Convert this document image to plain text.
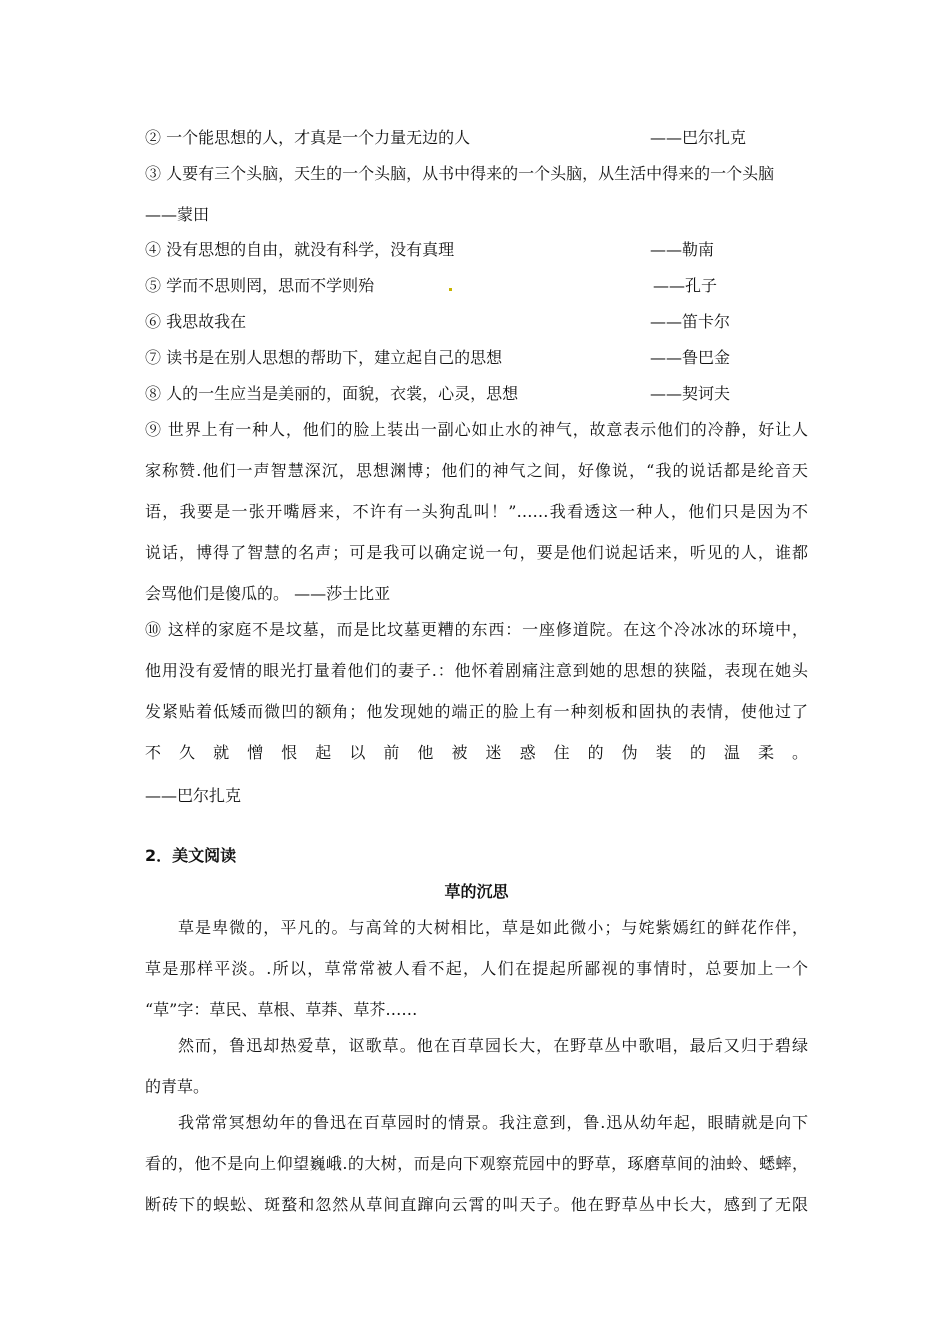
② 一个能思想的人，才真是一个力量无边的人	——巴尔扎克
③ 人要有三个头脑，天生的一个头脑，从书中得来的一个头脑，从生活中得来的一个头脑
——蒙田
④ 没有思想的自由，就没有科学，没有真理	——勒南
⑤ 学而不思则罔，思而不学则殆	——孔子
⑥ 我思故我在	——笛卡尔
⑦ 读书是在别人思想的帮助下，建立起自己的思想	——鲁巴金
⑧ 人的一生应当是美丽的，面貌，衣裳，心灵，思想	——契诃夫
⑨ 世界上有一种人，他们的脸上装出一副心如止水的神气，故意表示他们的冷静，好让人
家称赞.他们一声智慧深沉，思想渊博；他们的神气之间，好像说，“我的说话都是纶音天
语，我要是一张开嘴唇来，不许有一头狗乱叫！”……我看透这一种人，他们只是因为不
说话，博得了智慧的名声；可是我可以确定说一句，要是他们说起话来，听见的人，谁都
会骂他们是傻瓜的。 ——莎士比亚
⑩ 这样的家庭不是坟墓，而是比坟墓更糟的东西：一座修道院。在这个冷冰冰的环境中，
他用没有爱情的眼光打量着他们的妻子.：他怀着剧痛注意到她的思想的狭隘，表现在她头
发紧贴着低矮而微凹的额角；他发现她的端正的脸上有一种刻板和固执的表情，使他过了
不 久 就 憎 恨 起 以 前 他 被 迷 惑 住 的 伪 装 的 温 柔 。
——巴尔扎克
2．美文阅读
草的沉思
草是卑微的，平凡的。与高耸的大树相比，草是如此微小；与姹紫嫣红的鲜花作伴，
草是那样平淡。.所以，草常常被人看不起，人们在提起所鄙视的事情时，总要加上一个
“草”字：草民、草根、草莽、草芥……
然而，鲁迅却热爱草，讴歌草。他在百草园长大，在野草丛中歌唱，最后又归于碧绿
的青草。
我常常冥想幼年的鲁迅在百草园时的情景。我注意到，鲁.迅从幼年起，眼睛就是向下
看的，他不是向上仰望巍峨.的大树，而是向下观察荒园中的野草，琢磨草间的油蛉、蟋蟀，
断砖下的蜈蚣、斑蝥和忽然从草间直蹿向云霄的叫天子。他在野草丛中长大，感到了无限
